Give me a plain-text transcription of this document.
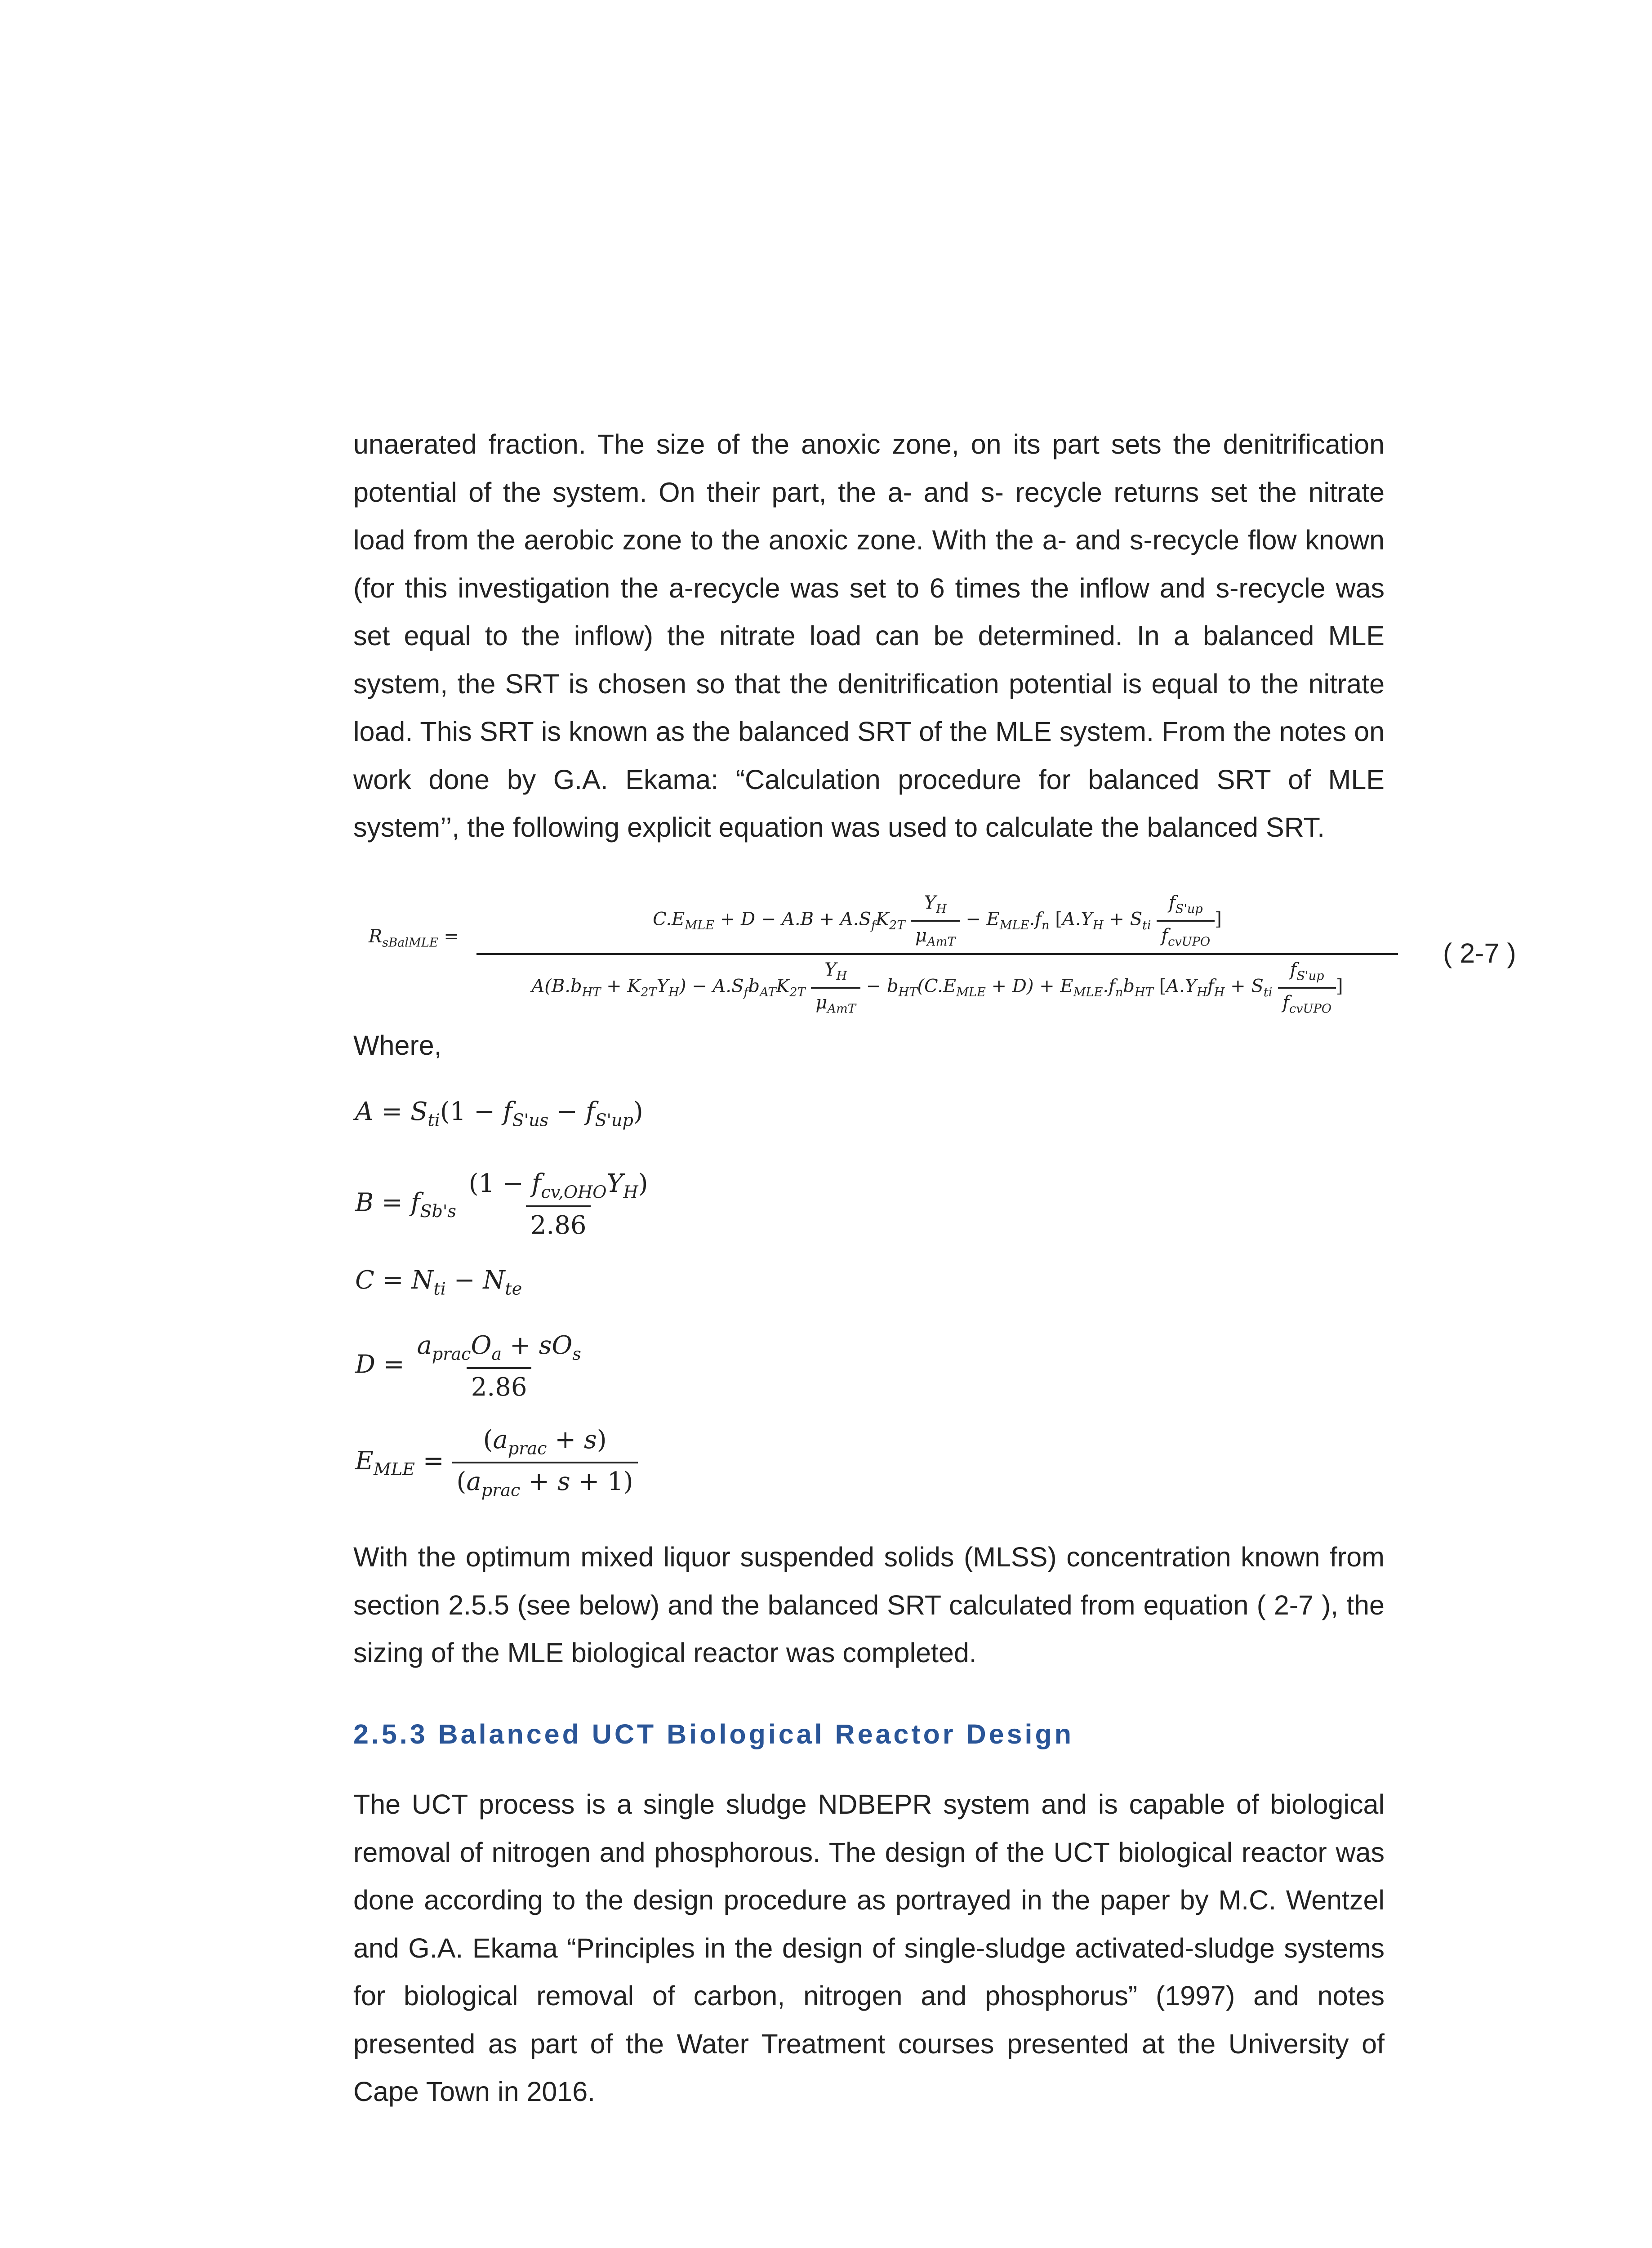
unaerated fraction. The size of the anoxic zone, on its part sets the denitrification potential of the system. On their part, the a- and s- recycle returns set the nitrate load from the aerobic zone to the anoxic zone. With the a- and s-recycle flow known (for this investigation the a-recycle was set to 6 times the inflow and s-recycle was set equal to the inflow) the nitrate load can be determined. In a balanced MLE system, the SRT is chosen so that the denitrification potential is equal to the nitrate load. This SRT is known as the balanced SRT of the MLE system. From the notes on work done by G.A. Ekama: “Calculation procedure for balanced SRT of MLE system’’, the following explicit equation was used to calculate the balanced SRT.

$R_{sBalMLE}$ =
$C.E_{MLE} + D - A.B + A.S_fK_{2T} \frac{Y_H}{\mu_{AmT}} - E_{MLE}.f_n$ [$A.Y_H + S_{ti} \frac{f_{S'up}}{f_{cvUPO}}$ ]
$A(B.b_{HT} + K_{2T}Y_H) - A.S_fb_{AT}K_{2T} \frac{Y_H}{\mu_{AmT}} - b_{HT}(C.E_{MLE} + D) + E_{MLE}.f_nb_{HT}$ [$A.Y_Hf_H + S_{ti} \frac{f_{S'up}}{f_{cvUPO}}$ ]
( 2-7 )
Where,
$A = S_{ti}(1 - f_{S'us} - f_{S'up})$
$B = f_{Sb's} \frac{(1 - f_{cv,OHO}Y_H)}{2.86}$
$C = N_{ti} - N_{te}$
$D = \frac{a_{prac}O_a + sO_s}{2.86}$
$E_{MLE} = \frac{(a_{prac} + s)}{(a_{prac} + s + 1)}$

With the optimum mixed liquor suspended solids (MLSS) concentration known from section 2.5.5 (see below) and the balanced SRT calculated from equation ( 2-7 ), the sizing of the MLE biological reactor was completed.

2.5.3 Balanced UCT Biological Reactor Design

The UCT process is a single sludge NDBEPR system and is capable of biological removal of nitrogen and phosphorous. The design of the UCT biological reactor was done according to the design procedure as portrayed in the paper by M.C. Wentzel and G.A. Ekama “Principles in the design of single-sludge activated-sludge systems for biological removal of carbon, nitrogen and phosphorus” (1997) and notes presented as part of the Water Treatment courses presented at the University of Cape Town in 2016.
